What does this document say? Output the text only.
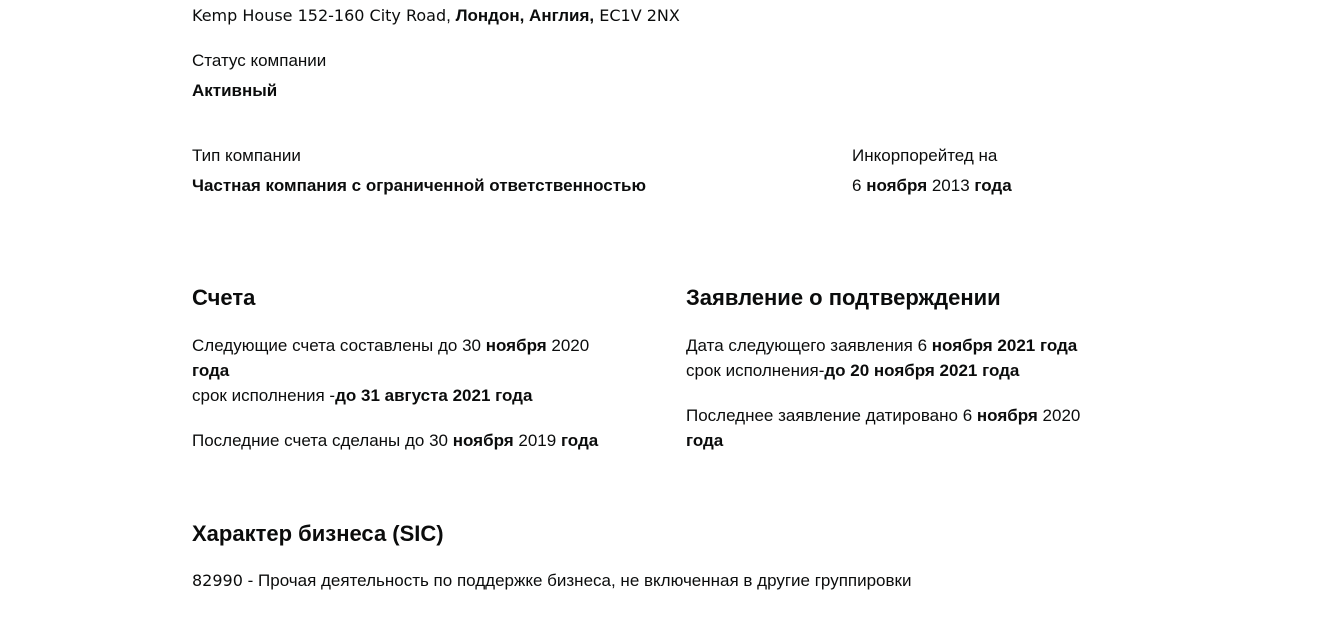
Kemp House 152-160 City Road, Лондон, Англия, EC1V 2NX
Статус компании
Активный
Тип компании
Частная компания с ограниченной ответственностью
Инкорпорейтед на
6 ноября 2013 года
Счета
Следующие счета составлены до 30 ноября 2020
года
срок исполнения -до 31 августа 2021 года
Последние счета сделаны до 30 ноября 2019 года
Заявление о подтверждении
Дата следующего заявления 6 ноября 2021 года
срок исполнения-до 20 ноября 2021 года
Последнее заявление датировано 6 ноября 2020
года
Характер бизнеса (SIC)
82990 - Прочая деятельность по поддержке бизнеса, не включенная в другие группировки
